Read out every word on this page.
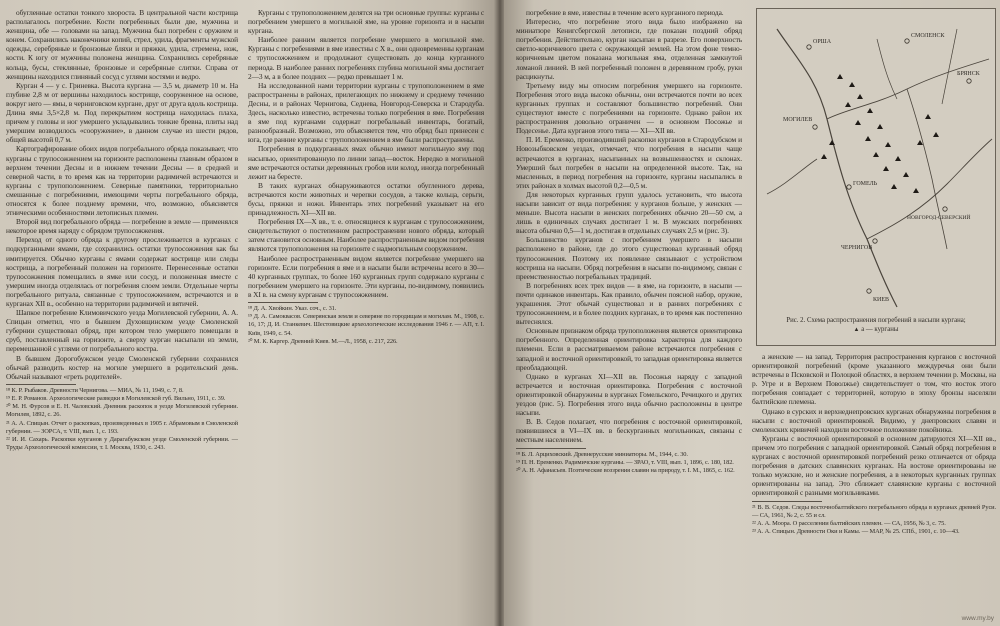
обугленные остатки тонкого хворостa. В центральной части костpища располагалось погребение. Кости погребенных были две, мужчина и женщина, обе — головами на запад. Мужчина был погребен с оружием и конем. Сохранились наконечники копий, стрел, удила, фрагменты мужской одежды, серебряные и бронзовые бляхи и пряжки, удила, стремена, нож, кости. К югу от мужчины положена женщина. Сохранились серебряные кольца, бусы, стеклянные, бронзовые и серебряные слитки. Справа от женщины находился глиняный сосуд с углями костями и ведро.

Курган 4 — у с. Гриневка. Высота кургана — 3,5 м, диаметр 10 м. На глубине 2,8 м от вершины находилось кострище, сооруженное на основе, вокруг него — ямы, в черниговском кургане, друг от друга вдоль кострища. Длина ямы 3,5×2,8 м. Под перекрытием кострища находилась плахa, причем у головы и ног умершего укладывались тонкие бревна, плиты над умершим возводилось «сооружение», в данном случае из шести рядов, общей высотой 0,7 м.

Картографирование обоих видов погребального обряда показывает, что курганы с трупосожжением на горизонте расположены главным образом в верхнем течении Десны и в нижнем течении Десны — в средней и северной части, в то время как на территории радимичей встречаются и курганы с трупоположением. Северные памятники, территориально смешанные с погребениями, имеющими черты погребального обряда, относятся к более позднему времени, что, возможно, объясняется этническими особенностями летописных племен.

Второй вид погребального обряда — погребение в земле — применялся некоторое время наряду с обрядом трупосожжения.

Переход от одного обряда к другому прослеживается в курганах с подкурганными ямами, где сохранились остатки трупосожжения как бы имитируется. Обычно курганы с ямами содержат кострище или следы кострища, а погребенный положен на горизонте. Перенесенные остатки трупосожжения помещались в ямке или сосуд, и положенная вместе с умершим иногда отделялась от погребения слоем земли. Отдельные черты погребального ритуала, связанные с трупосожжением, встречаются и в курганах XII в., особенно на территории радимичей и вятичей.

Шапкое погребение Климовичского уезда Могилевской губернии, А. А. Спицын отметил, что в бывшем Духовщинском уезде Смоленской губернии существовал обряд, при котором тело умершего помещали в сруб, поставленный на горизонте, а сверху курган насыпали из земли, перемешанной с углями от погребального костра.

В бывшем Дорогобужском уезде Смоленской губернии сохранился обычай разводить костер на могиле умершего в родительский день. Обычай называют «греть родителей».

¹⁸ К. Р. Рыбаков. Древности Чернигова. — МИА, № 11, 1949, с. 7, 8.

¹⁹ Е. Р. Романов. Археологические разведки в Могилевской губ. Вильно, 1911, с. 39.

²⁰ М. Н. Фурсов и Е. Н. Чаловский. Дневник раскопок в уезде Могилевской губернии. Могилев, 1892, с. 26.

²¹ А. А. Спицын. Отчет о раскопках, произведенных в 1905 г. Абрамовым в Смоленской губернии. — ЗОРСА, т. VIII, вып. 1, с. 193.

²² И. И. Сахарь. Раскопки курганов у Дарагабужском уезде Смоленской губернии. — Труды Археологической комиссии, т. I. Москва, 1930, с. 243.

Курганы с трупоположением делятся на три основные группы: курганы с погребением умершего в могильной яме, на уровне горизонта и в насыпи кургана.

Наиболее ранним является погребение умершего в могильной яме. Курганы с погребениями в яме известны с X в., они одновременны курганам с трупосожжением и продолжают существовать до конца курганного периода. В наиболее ранних погребениях глубина могильной ямы достигает 2—3 м, а в более поздних — редко превышает 1 м.

На исследованной нами территории курганы с трупоположением в яме распространены в районах, прилегающих по нижнему и среднему течению Десны, и в районах Чернигова, Седнева, Новгород-Северска и Стародуба. Здесь, насколько известно, встречены только погребения в яме. Погребения в яме под курганами содержат погребальный инвентарь, богатый, разнообразный. Возможно, это объясняется тем, что обряд был принесен с юга, где ранние курганы с трупоположением в яме были распространены.

Погребения в подкурганных ямах обычно имеют могильную яму под насыпью, ориентированную по линии запад—восток. Нередко в могильной яме встречаются остатки деревянных гробов или колод, иногда погребенный лежит на бересте.

В таких курганах обнаруживаются остатки обугленного дерева, встречаются кости животных и черепки сосудов, а также кольца, серьги, бусы, пряжки и ножи. Инвентарь этих погребений указывает на его принадлежность XI—XII вв.

Погребения IX—X вв., т. е. относящиеся к курганам с трупосожжением, свидетельствуют о постепенном распространении нового обряда, который затем становится основным. Наиболее распространенным видом погребения являются трупоположения на горизонте с надмогильным сооружением.

Наиболее распространенным видом является погребение умершего на горизонте. Если погребения в яме и в насыпи были встречены всего в 30—40 курганных группах, то более 160 курганных групп содержало курганы с погребением умершего на горизонте. Эти курганы, по-видимому, появились в XI в. на смену курганам с трупосожжением.

¹⁸ Д. А. Хвойкин. Указ. соч., с. 31.

¹⁹ Д. А. Самоквасов. Северянская земля и северяне по городищам и могилам. М., 1908, с. 16, 17; Д. И. Станкевич. Шестовицкие археологические исследования 1946 г. — АП, т. I. Київ, 1949, с. 54.

²⁰ М. К. Каргер. Древний Киев. М.—Л., 1958, с. 217, 226.

погребение в яме, известны в течение всего курганного периода.

Интересно, что погребение этого вида было изображено на миниатюре Кенигсбергской летописи, где показан поздний обряд погребения. Действительно, курган насыпан в разрезе. Его поверхность светло-коричневого цвета с окружающей землей. На этом фоне темно-коричневым цветом показана могильная яма, отделенная замкнутой ломаной линией. В ней погребенный положен в деревянном гробу, руки расцикнуты.

Третьему виду мы относим погребения умершего на горизонте. Погребения этого вида высоко обычны, они встречаются почти во всех курганных группах и составляют большинство погребений. Они существуют вместе с погребениями на горизонте. Однако район их распространения довольно ограничен — в основном Посожье и Подесенье. Дата курганов этого типа — XI—XII вв.

П. И. Еременко, производивший раскопки курганов в Стародубском и Новозыбковском уездах, отмечает, что погребения в насыпи чаще встречаются в курганах, насыпанных на возвышенностях и склонах. Умерший был погребен в насыпи на определенной высоте. Так, на мысленных, в период погребения на горизонте, курганы насыпались в этих районах в холмах высотой 0,2—0,5 м.

Для некоторых курганных групп удалось установить, что высота насыпи зависит от вида погребения: у курганов больше, у женских — меньше. Высота насыпи в женских погребениях обычно 20—50 см, а лишь в единичных случаях достигает 1 м. В мужских погребениях высота обычно 0,5—1 м, достигая в отдельных случаях 2,5 м (рис. 3).

Большинство курганов с погребением умершего в насыпи расположено в районе, где до этого существовал курганный обряд трупосожжения. Поэтому их появление связывают с устройством костриша на насыпи. Обряд погребения в насыпи по-видимому, связан с преемственностью погребальных традиций.

В погребениях всех трех видов — в яме, на горизонте, в насыпи — почти одинаков инвентарь. Как правило, обычен поясной набор, оружие, украшения. Этот обычай существовал и в ранних погребениях с трупосожжением, и в более поздних курганах, в то время как постепенно вытеснялся.

Основным признаком обряда трупоположения является ориентировка погребенного. Определенная ориентировка характерна для каждого племени. Если в рассматриваемом районе встречаются погребения с западной и восточной ориентировкой, то западная ориентировка является преобладающей.

Однако в курганах XI—XII вв. Посожья наряду с западной встречается и восточная ориентировка. Погребения с восточной ориентировкой обнаружены в курганах Гомельского, Речицкого и других уездов (рис. 5). Погребения этого вида обычно расположены в центре насыпи.

В. В. Седов полагает, что погребения с восточной ориентировкой, появившиеся в VI—IX вв. в бескурганных могильниках, связаны с местным населением.

¹⁸ Б. Л. Арциховский. Древнерусские миниатюры. М., 1944, с. 30.

¹⁹ П. Н. Еременко. Радимичские курганы. — ЗРАО, т. VIII, вып. 1, 1896, с. 180, 182.

²⁰ А. Н. Афанасьев. Поэтические воззрения славян на природу, т. I. М., 1865, с. 162.

ОРША
СМОЛЕНСК
БРЯНСК
МОГИЛЕВ
ГОМЕЛЬ
ЧЕРНИГОВ
НОВГОРОД-СЕВЕРСКИЙ
КИЕВ
Рис. 2. Схема распространения погребений в насыпи кургана;
▲ а — курганы

а женские — на запад. Территория распространения курганов с восточной ориентировкой погребений (кроме указанного междуречья они были встречены в Псковской и Полоцкой областях, в верхнем течении р. Москвы, на р. Угре и в Верхнем Поволжье) свидетельствует о том, что восток этого погребения совпадает с территорией, которую в эпоху бронзы населяли балтийские племена.

Однако в сурских и верхнеднепровских курганах обнаружены погребения в насыпи с восточной ориентировкой. Видимо, у днепровских славян и смоленских кривичей находили восточное положение покойника.

Курганы с восточной ориентировкой в основном датируются XI—XII вв., причем это погребения с западной ориентировкой. Самый обряд погребения в курганах с восточной ориентировкой погребений резко отличается от обряда погребения в датских славянских курганах. На востоке ориентированы не только мужские, но и женские погребения, а в некоторых курганных группах ориентированы на запад. Это сближает славянские курганы с восточной ориентировкой с разными могильниками.

²¹ В. В. Седов. Следы восточнобалтийского погребального обряда в курганах древней Руси. — СА, 1961, № 2, с. 55 и сл.

²² А. А. Моора. О расселении балтийских племен. — СА, 1956, № 3, с. 75.

²³ А. А. Спицын. Древности Оки и Камы. — МАР, № 25. СПб., 1901, с. 10—43.

www.my.by
